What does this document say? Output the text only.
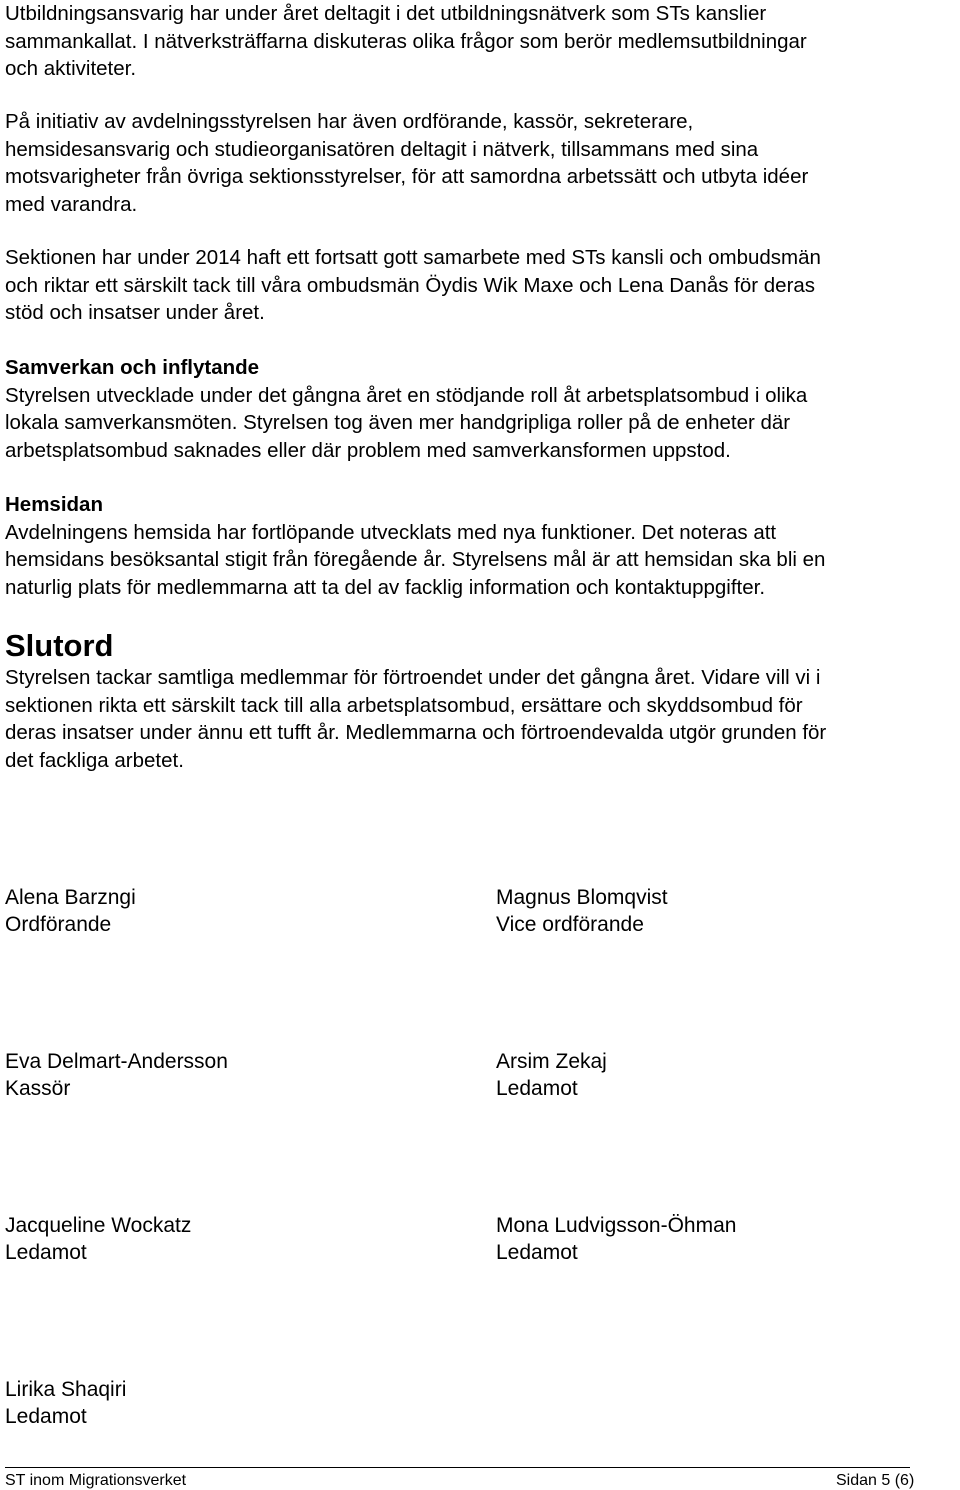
Utbildningsansvarig har under året deltagit i det utbildningsnätverk som STs kanslier

sammankallat. I nätverksträffarna diskuteras olika frågor som berör medlemsutbildningar

och aktiviteter.

På initiativ av avdelningsstyrelsen har även ordförande, kassör, sekreterare,

hemsidesansvarig och studieorganisatören deltagit i nätverk, tillsammans med sina

motsvarigheter från övriga sektionsstyrelser, för att samordna arbetssätt och utbyta idéer

med varandra.

Sektionen har under 2014 haft ett fortsatt gott samarbete med STs kansli och ombudsmän

och riktar ett särskilt tack till våra ombudsmän Öydis Wik Maxe och Lena Danås för deras

stöd och insatser under året.

Samverkan och inflytande

Styrelsen utvecklade under det gångna året en stödjande roll åt arbetsplatsombud i olika

lokala samverkansmöten. Styrelsen tog även mer handgripliga roller på de enheter där

arbetsplatsombud saknades eller där problem med samverkansformen uppstod.

Hemsidan

Avdelningens hemsida har fortlöpande utvecklats med nya funktioner. Det noteras att

hemsidans besöksantal stigit från föregående år. Styrelsens mål är att hemsidan ska bli en

naturlig plats för medlemmarna att ta del av facklig information och kontaktuppgifter.

Slutord

Styrelsen tackar samtliga medlemmar för förtroendet under det gångna året. Vidare vill vi i

sektionen rikta ett särskilt tack till alla arbetsplatsombud, ersättare och skyddsombud för

deras insatser under ännu ett tufft år. Medlemmarna och förtroendevalda utgör grunden för

det fackliga arbetet.

Alena Barzngi
Ordförande
Magnus Blomqvist
Vice ordförande
Eva Delmart-Andersson
Kassör
Arsim Zekaj
Ledamot
Jacqueline Wockatz
Ledamot
Mona Ludvigsson-Öhman
Ledamot
Lirika Shaqiri
Ledamot
ST inom Migrationsverket	Sidan 5 (6)
